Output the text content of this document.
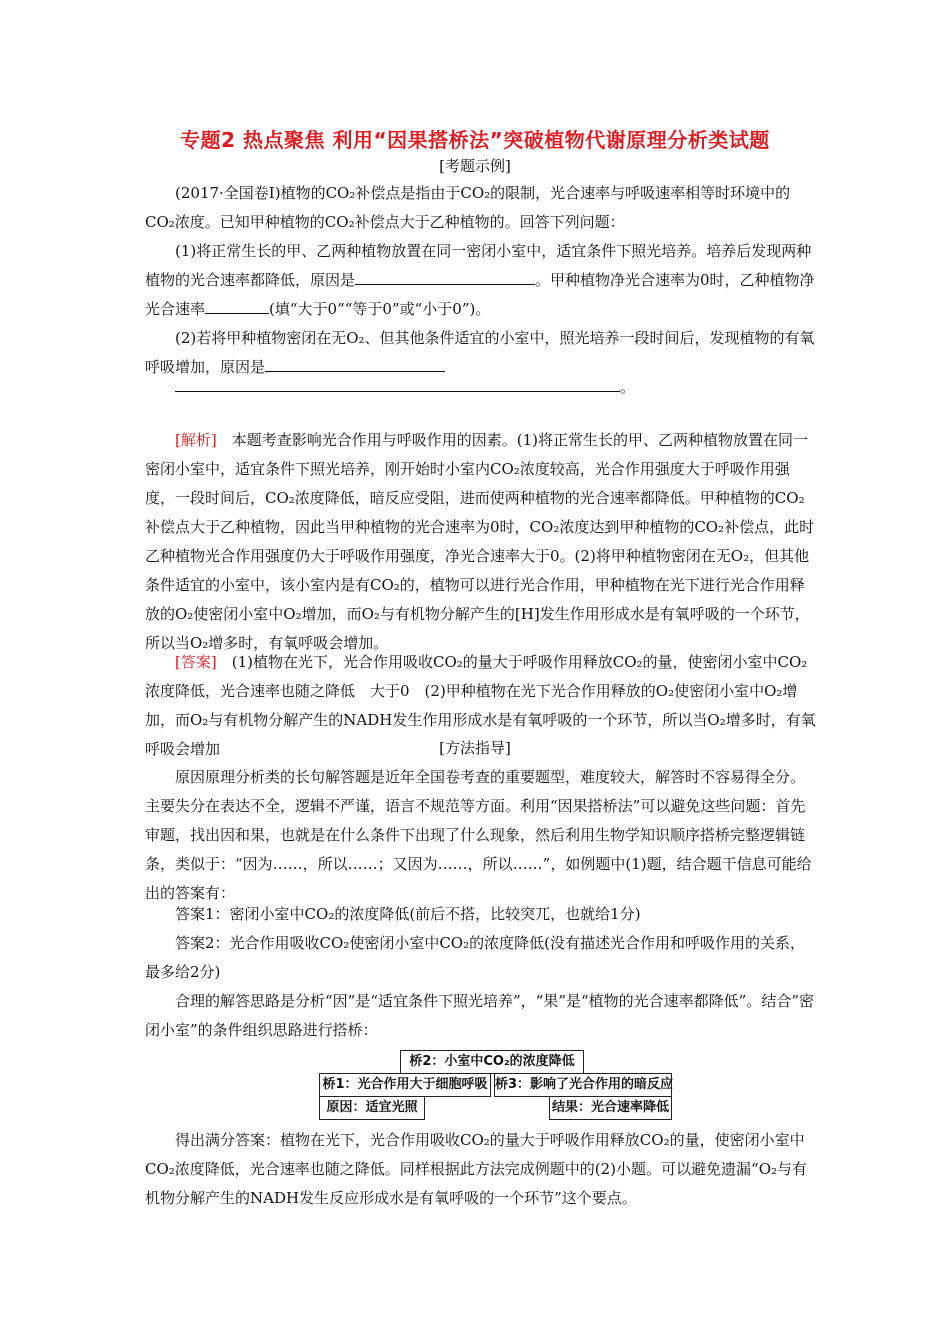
专题2 热点聚焦 利用“因果搭桥法”突破植物代谢原理分析类试题
[考题示例]

(2017·全国卷Ⅰ)植物的CO₂补偿点是指由于CO₂的限制，光合速率与呼吸速率相等时环境中的CO₂浓度。已知甲种植物的CO₂补偿点大于乙种植物的。回答下列问题：

(1)将正常生长的甲、乙两种植物放置在同一密闭小室中，适宜条件下照光培养。培养后发现两种植物的光合速率都降低，原因是	。甲种植物净光合速率为0时，乙种植物净光合速率	(填“大于0”“等于0”或“小于0”)。

(2)若将甲种植物密闭在无O₂、但其他条件适宜的小室中，照光培养一段时间后，发现植物的有氧呼吸增加，原因是

。

[解析]　本题考查影响光合作用与呼吸作用的因素。(1)将正常生长的甲、乙两种植物放置在同一密闭小室中，适宜条件下照光培养，刚开始时小室内CO₂浓度较高，光合作用强度大于呼吸作用强度，一段时间后，CO₂浓度降低，暗反应受阻，进而使两种植物的光合速率都降低。甲种植物的CO₂补偿点大于乙种植物，因此当甲种植物的光合速率为0时，CO₂浓度达到甲种植物的CO₂补偿点，此时乙种植物光合作用强度仍大于呼吸作用强度，净光合速率大于0。(2)将甲种植物密闭在无O₂，但其他条件适宜的小室中，该小室内是有CO₂的，植物可以进行光合作用，甲种植物在光下进行光合作用释放的O₂使密闭小室中O₂增加，而O₂与有机物分解产生的[H]发生作用形成水是有氧呼吸的一个环节，所以当O₂增多时，有氧呼吸会增加。

[答案]　(1)植物在光下，光合作用吸收CO₂的量大于呼吸作用释放CO₂的量，使密闭小室中CO₂浓度降低，光合速率也随之降低　大于0　(2)甲种植物在光下光合作用释放的O₂使密闭小室中O₂增加，而O₂与有机物分解产生的NADH发生作用形成水是有氧呼吸的一个环节，所以当O₂增多时，有氧呼吸会增加	[方法指导]

原因原理分析类的长句解答题是近年全国卷考查的重要题型，难度较大，解答时不容易得全分。主要失分在表达不全，逻辑不严谨，语言不规范等方面。利用“因果搭桥法”可以避免这些问题：首先审题，找出因和果，也就是在什么条件下出现了什么现象，然后利用生物学知识顺序搭桥完整逻辑链条，类似于：“因为……，所以……；又因为……，所以……”，如例题中(1)题，结合题干信息可能给出的答案有：

答案1：密闭小室中CO₂的浓度降低(前后不搭，比较突兀，也就给1分)

答案2：光合作用吸收CO₂使密闭小室中CO₂的浓度降低(没有描述光合作用和呼吸作用的关系，最多给2分)

合理的解答思路是分析“因”是“适宜条件下照光培养”，“果”是“植物的光合速率都降低”。结合”密闭小室”的条件组织思路进行搭桥：

桥2：小室中CO₂的浓度降低
桥1：光合作用大于细胞呼吸 桥3：影响了光合作用的暗反应
原因：适宜光照	结果：光合速率降低

得出满分答案：植物在光下，光合作用吸收CO₂的量大于呼吸作用释放CO₂的量，使密闭小室中CO₂浓度降低，光合速率也随之降低。同样根据此方法完成例题中的(2)小题。可以避免遗漏“O₂与有机物分解产生的NADH发生反应形成水是有氧呼吸的一个环节”这个要点。
